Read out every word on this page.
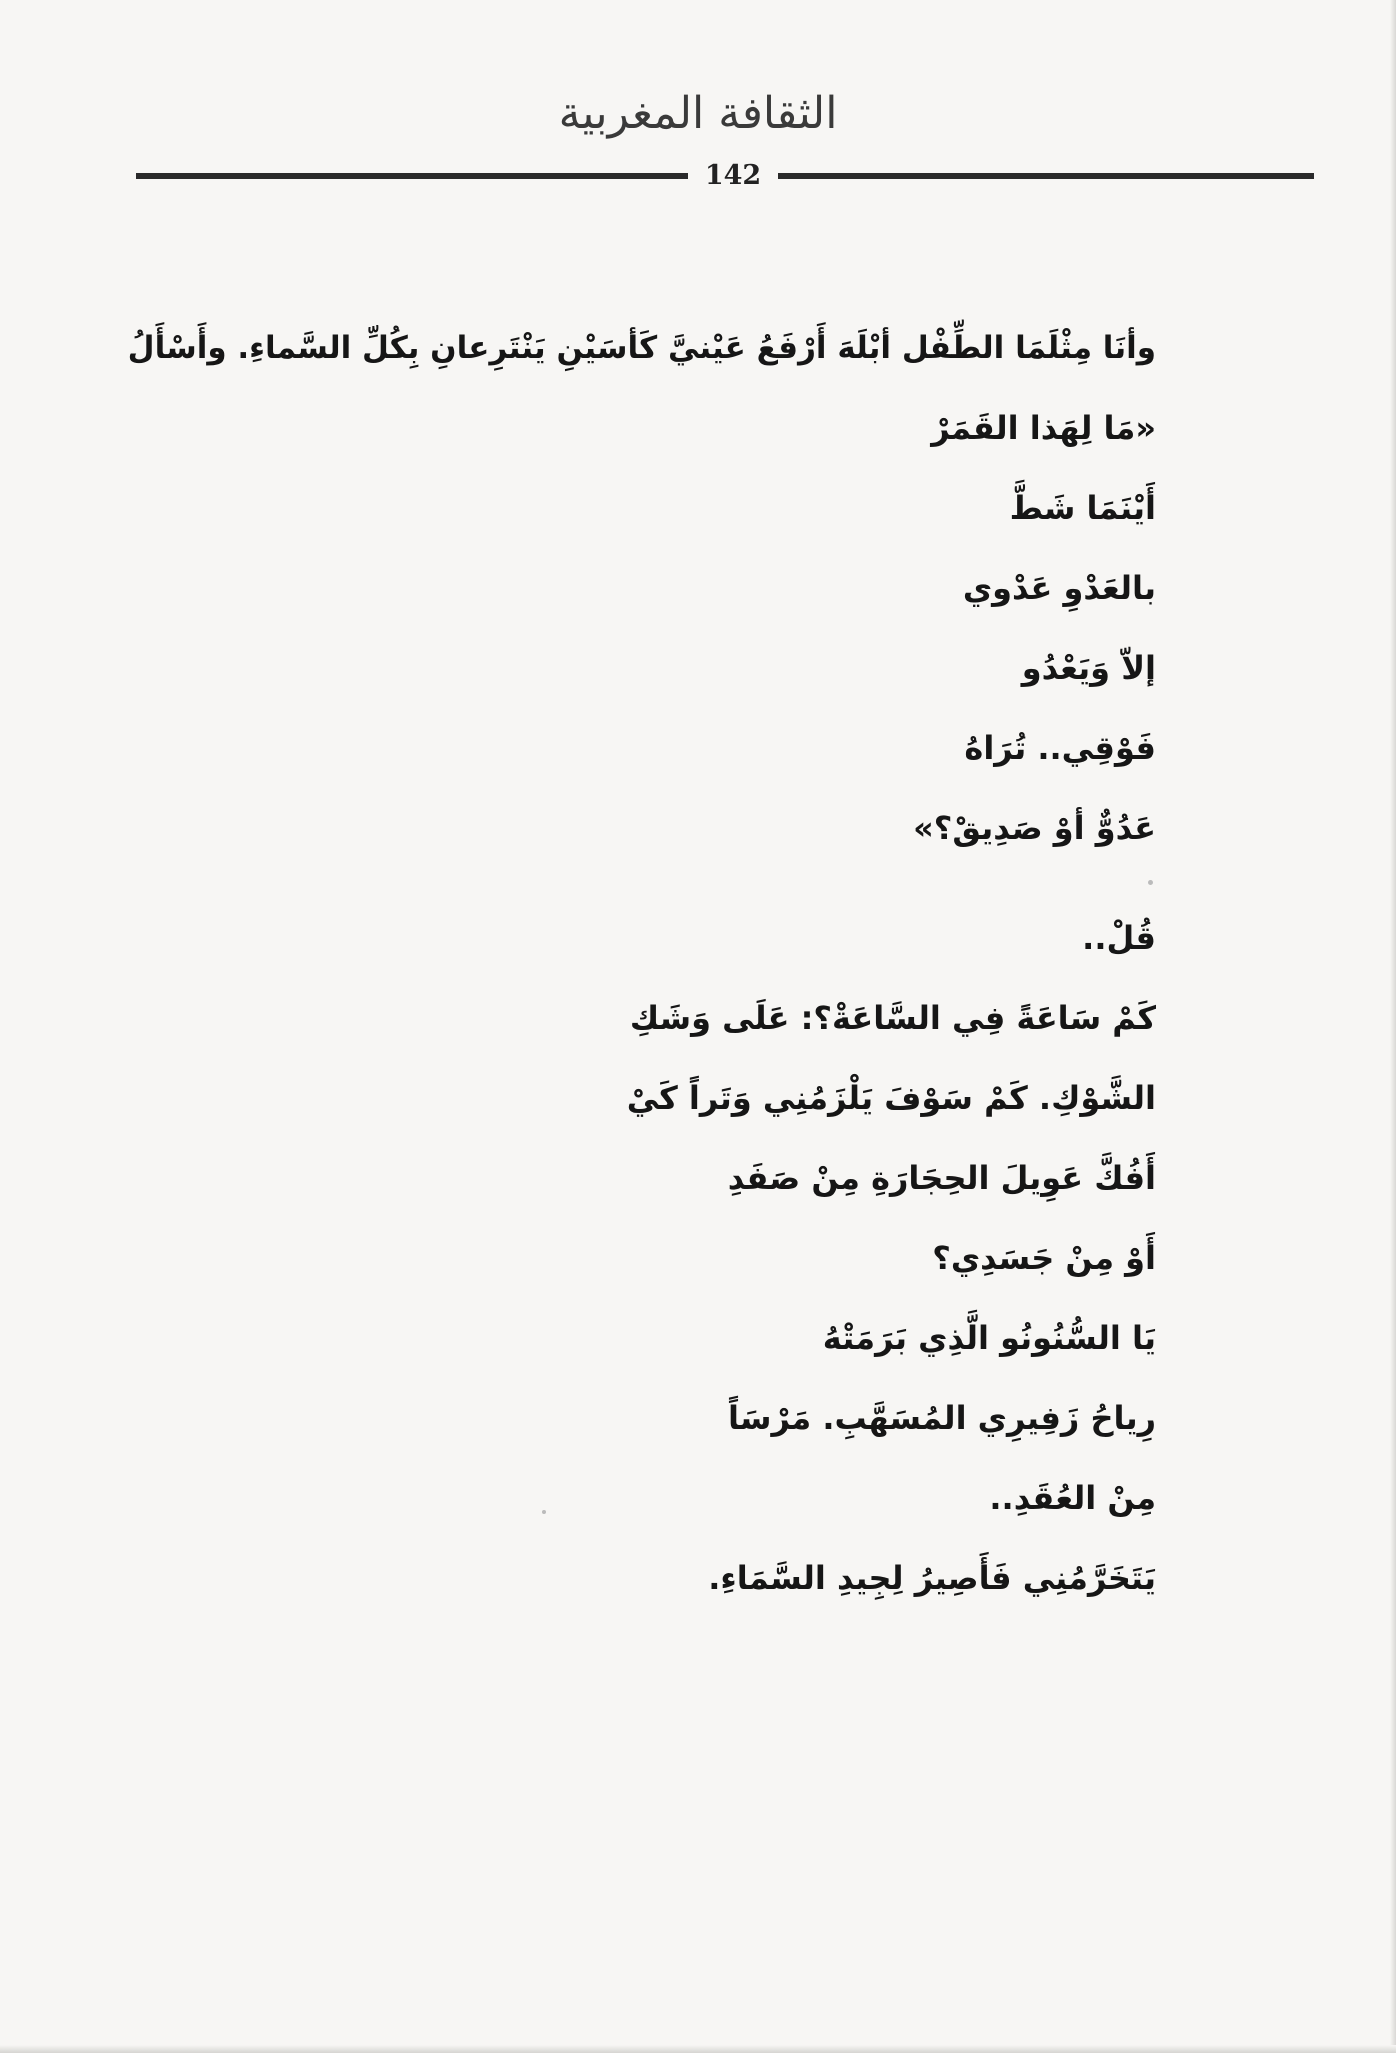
الثقافة المغربية
142
وأنَا مِثْلَمَا الطِّفْل أبْلَهَ أَرْفَعُ عَيْنيَّ كَأسَيْنِ يَنْتَرِعانِ بِكُلِّ السَّماءِ. وأَسْأَلُ
«مَا لِهَذا القَمَرْ
أَيْنَمَا شَطَّ
بالعَدْوِ عَدْوي
إلاّ وَيَعْدُو
فَوْقِي.. تُرَاهُ
عَدُوٌّ أوْ صَدِيقْ؟»
قُلْ..
كَمْ سَاعَةً فِي السَّاعَةْ؟: عَلَى وَشَكِ
الشَّوْكِ. كَمْ سَوْفَ يَلْزَمُنِي وَتَراً كَيْ
أَفُكَّ عَوِيلَ الحِجَارَةِ مِنْ صَفَدِ
أَوْ مِنْ جَسَدِي؟
يَا السُّنُونُو الَّذِي بَرَمَتْهُ
رِياحُ زَفِيرِي المُسَهَّبِ. مَرْسَاً
مِنْ العُقَدِ..
يَتَخَرَّمُنِي فَأَصِيرُ لِجِيدِ السَّمَاءِ.
